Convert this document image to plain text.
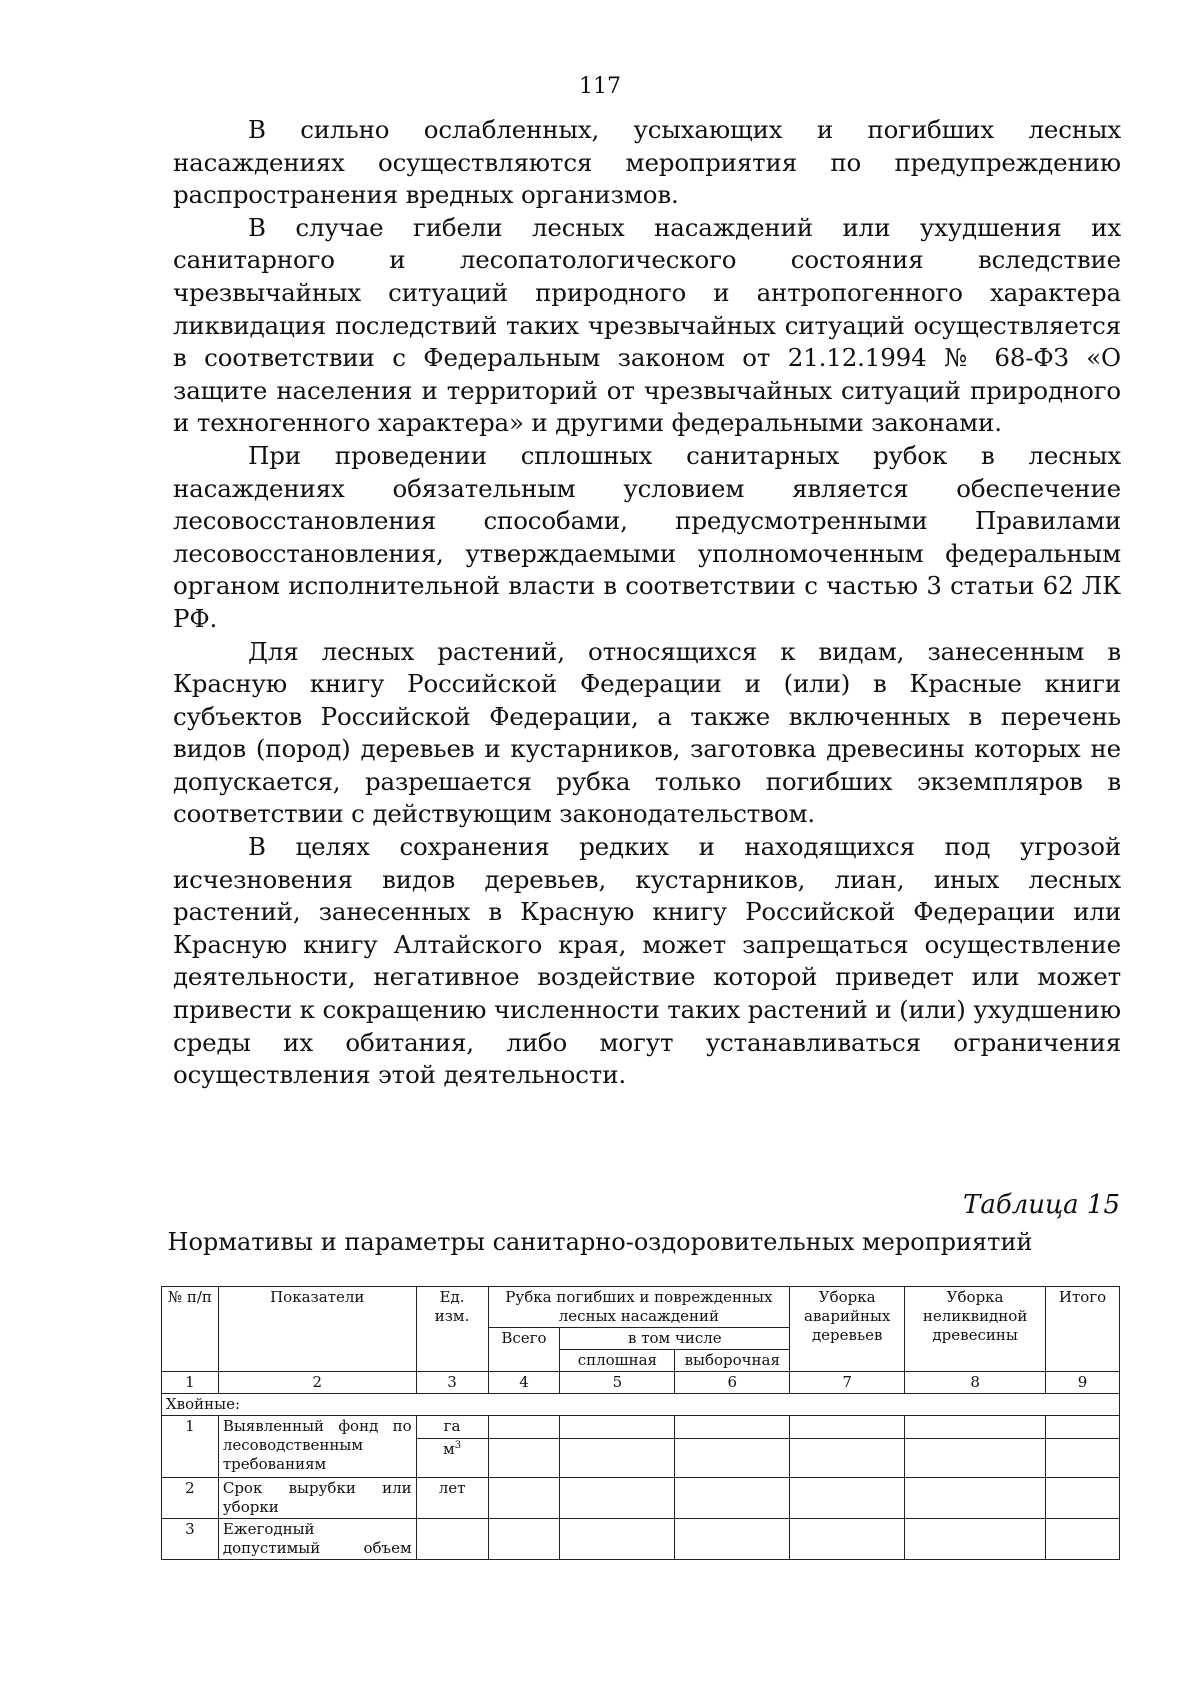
117

В сильно ослабленных, усыхающих и погибших лесных насаждениях осуществляются мероприятия по предупреждению распространения вредных организмов.

В случае гибели лесных насаждений или ухудшения их санитарного и лесопатологического состояния вследствие чрезвычайных ситуаций природного и антропогенного характера ликвидация последствий таких чрезвычайных ситуаций осуществляется в соответствии с Федеральным законом от 21.12.1994 № 68-ФЗ «О защите населения и территорий от чрезвычайных ситуаций природного и техногенного характера» и другими федеральными законами.

При проведении сплошных санитарных рубок в лесных насаждениях обязательным условием является обеспечение лесовосстановления способами, предусмотренными Правилами лесовосстановления, утверждаемыми уполномоченным федеральным органом исполнительной власти в соответствии с частью 3 статьи 62 ЛК РФ.

Для лесных растений, относящихся к видам, занесенным в Красную книгу Российской Федерации и (или) в Красные книги субъектов Российской Федерации, а также включенных в перечень видов (пород) деревьев и кустарников, заготовка древесины которых не допускается, разрешается рубка только погибших экземпляров в соответствии с действующим законодательством.

В целях сохранения редких и находящихся под угрозой исчезновения видов деревьев, кустарников, лиан, иных лесных растений, занесенных в Красную книгу Российской Федерации или Красную книгу Алтайского края, может запрещаться осуществление деятельности, негативное воздействие которой приведет или может привести к сокращению численности таких растений и (или) ухудшению среды их обитания, либо могут устанавливаться ограничения осуществления этой деятельности.

Таблица 15
Нормативы и параметры санитарно-оздоровительных мероприятий
№ п/п	Показатели	Ед. изм.	Рубка погибших и поврежденных лесных насаждений			Уборка аварийных деревьев	Уборка неликвидной древесины	Итого
			Всего	в том числе				
				сплошная	выборочная			
1	2	3	4	5	6	7	8	9
Хвойные:								
1	Выявленный фонд по лесоводственным требованиям	га						
		$м^3$						
2	Срок вырубки или уборки	лет						
3	Ежегодный допустимый объем							
